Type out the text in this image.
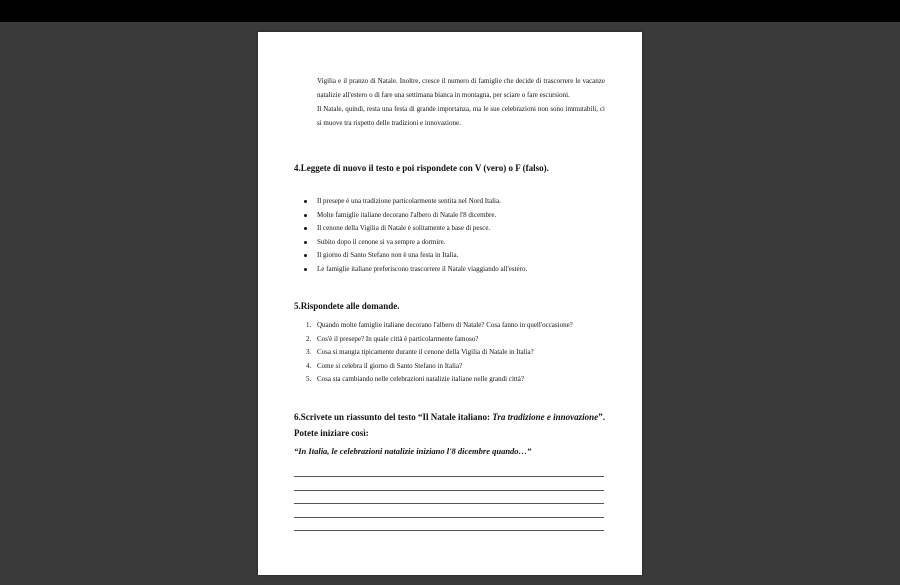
Vigilia e il pranzo di Natale. Inoltre, cresce il numero di famiglie che decide di trascorrere le vacanze natalizie all'estero o di fare una settimana bianca in montagna, per sciare o fare escursioni.

Il Natale, quindi, resta una festa di grande importanza, ma le sue celebrazioni non sono immutabili, ci si muove tra rispetto delle tradizioni e innovazione.

4.Leggete di nuovo il testo e poi rispondete con V (vero) o F (falso).
Il presepe è una tradizione particolarmente sentita nel Nord Italia.
Molte famiglie italiane decorano l'albero di Natale l'8 dicembre.
Il cenone della Vigilia di Natale è solitamente a base di pesce.
Subito dopo il cenone si va sempre a dormire.
Il giorno di Santo Stefano non è una festa in Italia.
Le famiglie italiane preferiscono trascorrere il Natale viaggiando all'estero.
5.Rispondete alle domande.
1. Quando molte famiglie italiane decorano l'albero di Natale? Cosa fanno in quell'occasione?
2. Cos'è il presepe? In quale città è particolarmente famoso?
3. Cosa si mangia tipicamente durante il cenone della Vigilia di Natale in Italia?
4. Come si celebra il giorno di Santo Stefano in Italia?
5. Cosa sta cambiando nelle celebrazioni natalizie italiane nelle grandi città?
6.Scrivete un riassunto del testo “Il Natale italiano: Tra tradizione e innovazione”.
Potete iniziare così:
“In Italia, le celebrazioni natalizie iniziano l'8 dicembre quando…”
